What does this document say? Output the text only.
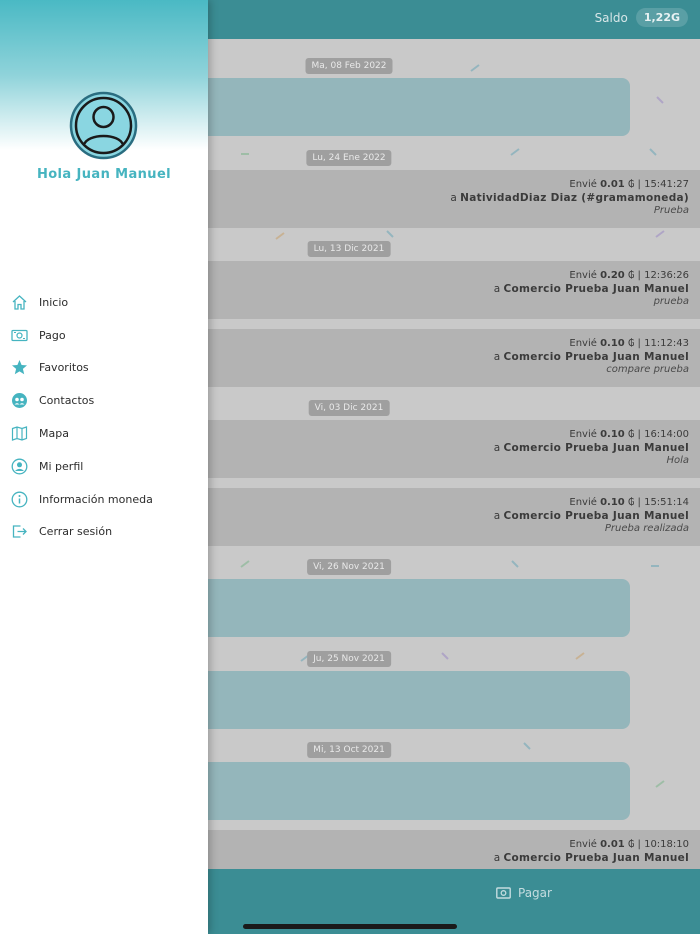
Saldo	1,22G
Ma, 08 Feb 2022
Lu, 24 Ene 2022
Envié 0.01 ₲ | 15:41:27
a NatividadDiaz Diaz (#gramamoneda)
Prueba
Lu, 13 Dic 2021
Envié 0.20 ₲ | 12:36:26
a Comercio Prueba Juan Manuel
prueba
Envié 0.10 ₲ | 11:12:43
a Comercio Prueba Juan Manuel
compare prueba
Vi, 03 Dic 2021
Envié 0.10 ₲ | 16:14:00
a Comercio Prueba Juan Manuel
Hola
Envié 0.10 ₲ | 15:51:14
a Comercio Prueba Juan Manuel
Prueba realizada
Vi, 26 Nov 2021
Ju, 25 Nov 2021
Mi, 13 Oct 2021
Envié 0.01 ₲ | 10:18:10
a Comercio Prueba Juan Manuel
Pagar
Hola Juan Manuel
Inicio
Pago
Favoritos
Contactos
Mapa
Mi perfil
Información moneda
Cerrar sesión
